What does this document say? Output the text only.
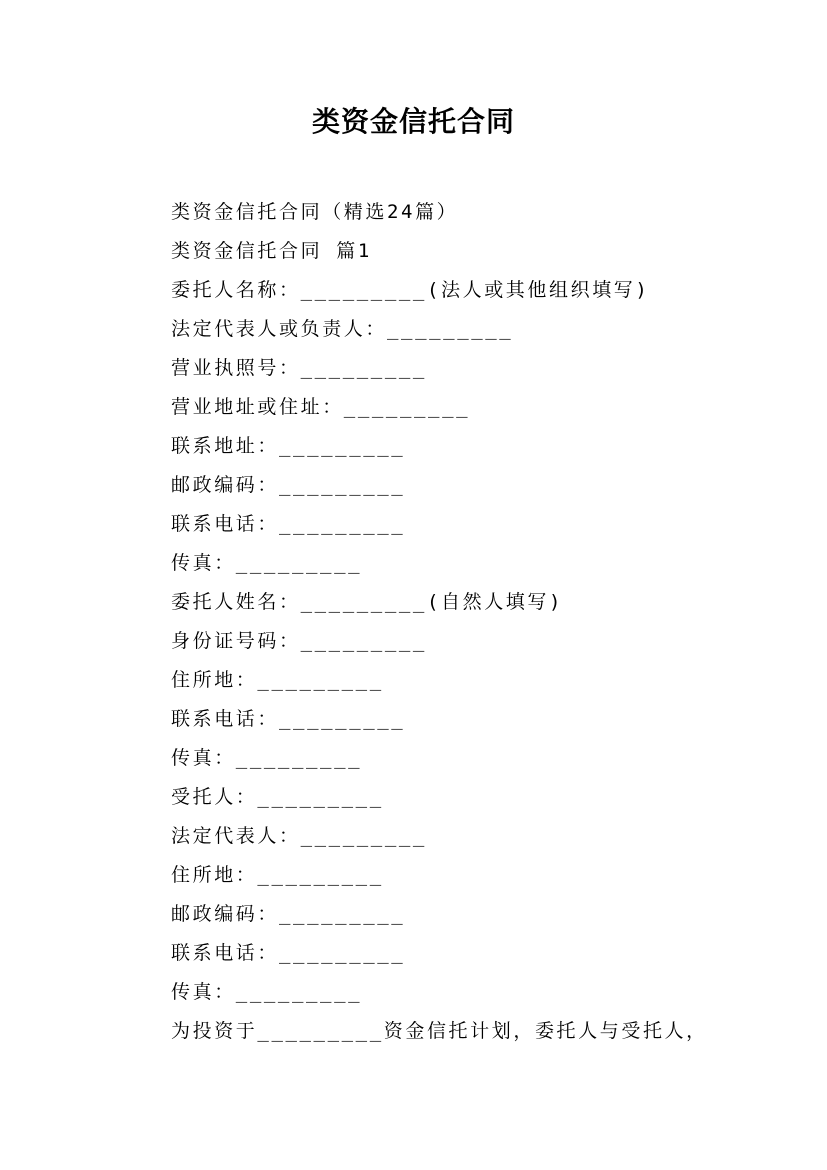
类资金信托合同
类资金信托合同（精选24篇）
类资金信托合同 篇1
委托人名称：_________(法人或其他组织填写)
法定代表人或负责人：_________
营业执照号：_________
营业地址或住址：_________
联系地址：_________
邮政编码：_________
联系电话：_________
传真：_________
委托人姓名：_________(自然人填写)
身份证号码：_________
住所地：_________
联系电话：_________
传真：_________
受托人：_________
法定代表人：_________
住所地：_________
邮政编码：_________
联系电话：_________
传真：_________
为投资于_________资金信托计划，委托人与受托人，
